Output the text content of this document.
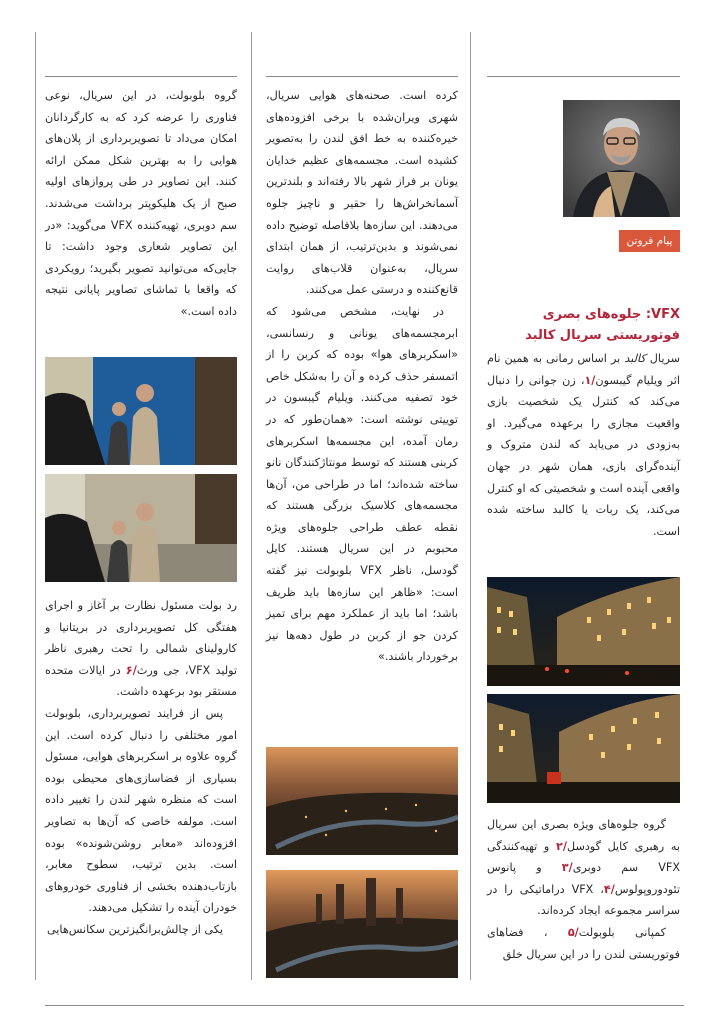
پیام فروتن
VFX: جلوه‌های بصری فوتوریستی سریال کالبد

سریال کالبد بر اساس رمانی به همین نام اثر ویلیام گیبسون/۱، زن جوانی را دنبال می‌کند که کنترل یک شخصیت بازی واقعیت مجازی را برعهده می‌گیرد. او به‌زودی در می‌یابد که لندن متروک و آینده‌گرای بازی، همان شهر در جهان واقعی آینده است و شخصیتی که او کنترل می‌کند، یک ربات یا کالبد ساخته شده است.

گروه جلوه‌های ویژه بصری این سریال به رهبری کایل گودسل/۲ و تهیه‌کنندگی VFX سم دوبری/۳ و پانوس تئودوروپولوس/۴، VFX دراماتیکی را در سراسر مجموعه ایجاد کرده‌اند.

کمپانی بلوبولت/۵ ، فضاهای فوتوریستی لندن را در این سریال خلق

کرده است. صحنه‌های هوایی سریال، شهری ویران‌شده با برخی افزوده‌های خیره‌کننده به خط افق لندن را به‌تصویر کشیده است. مجسمه‌های عظیم خدایان یونان بر فراز شهر بالا رفته‌اند و بلندترین آسمانخراش‌ها را حقیر و ناچیز جلوه می‌دهند. این سازه‌ها بلافاصله توضیح داده نمی‌شوند و بدین‌ترتیب، از همان ابتدای سریال، به‌عنوان قلاب‌های روایت قانع‌کننده و درستی عمل می‌کنند.

در نهایت، مشخص می‌شود که ابرمجسمه‌های یونانی و رنسانسی، «اسکربرهای هوا» بوده که کربن را از اتمسفر حذف کرده و آن را به‌شکل خاص خود تصفیه می‌کنند. ویلیام گیبسون در توییتی نوشته است: «همان‌طور که در رمان آمده، این مجسمه‌ها اسکربرهای کربنی هستند که توسط مونتاژکنندگان نانو ساخته شده‌اند؛ اما در طراحی من، آن‌ها مجسمه‌های کلاسیک بزرگی هستند که نقطه عطف طراحی جلوه‌های ویژه محبوبم در این سریال هستند. کایل گودسل، ناظر VFX بلوبولت نیز گفته است: «ظاهر این سازه‌ها باید ظریف باشد؛ اما باید از عملکرد مهم برای تمیز کردن جو از کربن در طول دهه‌ها نیز برخوردار باشند.»

گروه بلوبولت، در این سریال، نوعی فناوری را عرضه کرد که به کارگردانان امکان می‌داد تا تصویربرداری از پلان‌های هوایی را به بهترین شکل ممکن ارائه کنند. این تصاویر در طی پروازهای اولیه صبح از یک هلیکوپتر برداشت می‌شدند. سم دوبری، تهیه‌کننده VFX می‌گوید: «در این تصاویر شعاری وجود داشت: تا جایی‌که می‌توانید تصویر بگیرید؛ رویکردی که واقعا با تماشای تصاویر پایانی نتیجه داده است.»

رد بولت مسئول نظارت بر آغاز و اجرای هفتگی کل تصویربرداری در بریتانیا و کارولینای شمالی را تحت رهبری ناظر تولید VFX، جی ورث/۶ در ایالات متحده مستقر بود برعهده داشت.

پس از فرایند تصویربرداری، بلوبولت امور مختلفی را دنبال کرده است. این گروه علاوه بر اسکربرهای هوایی، مسئول بسیاری از فضاسازی‌های محیطی بوده است که منظره شهر لندن را تغییر داده است. مولفه خاصی که آن‌ها به تصاویر افزوده‌اند «معابر روشن‌شونده» بوده است. بدین ترتیب، سطوح معابر، بازتاب‌دهنده بخشی از فناوری خودروهای خودران آینده را تشکیل می‌دهند.

یکی از چالش‌برانگیزترین سکانس‌هایی
